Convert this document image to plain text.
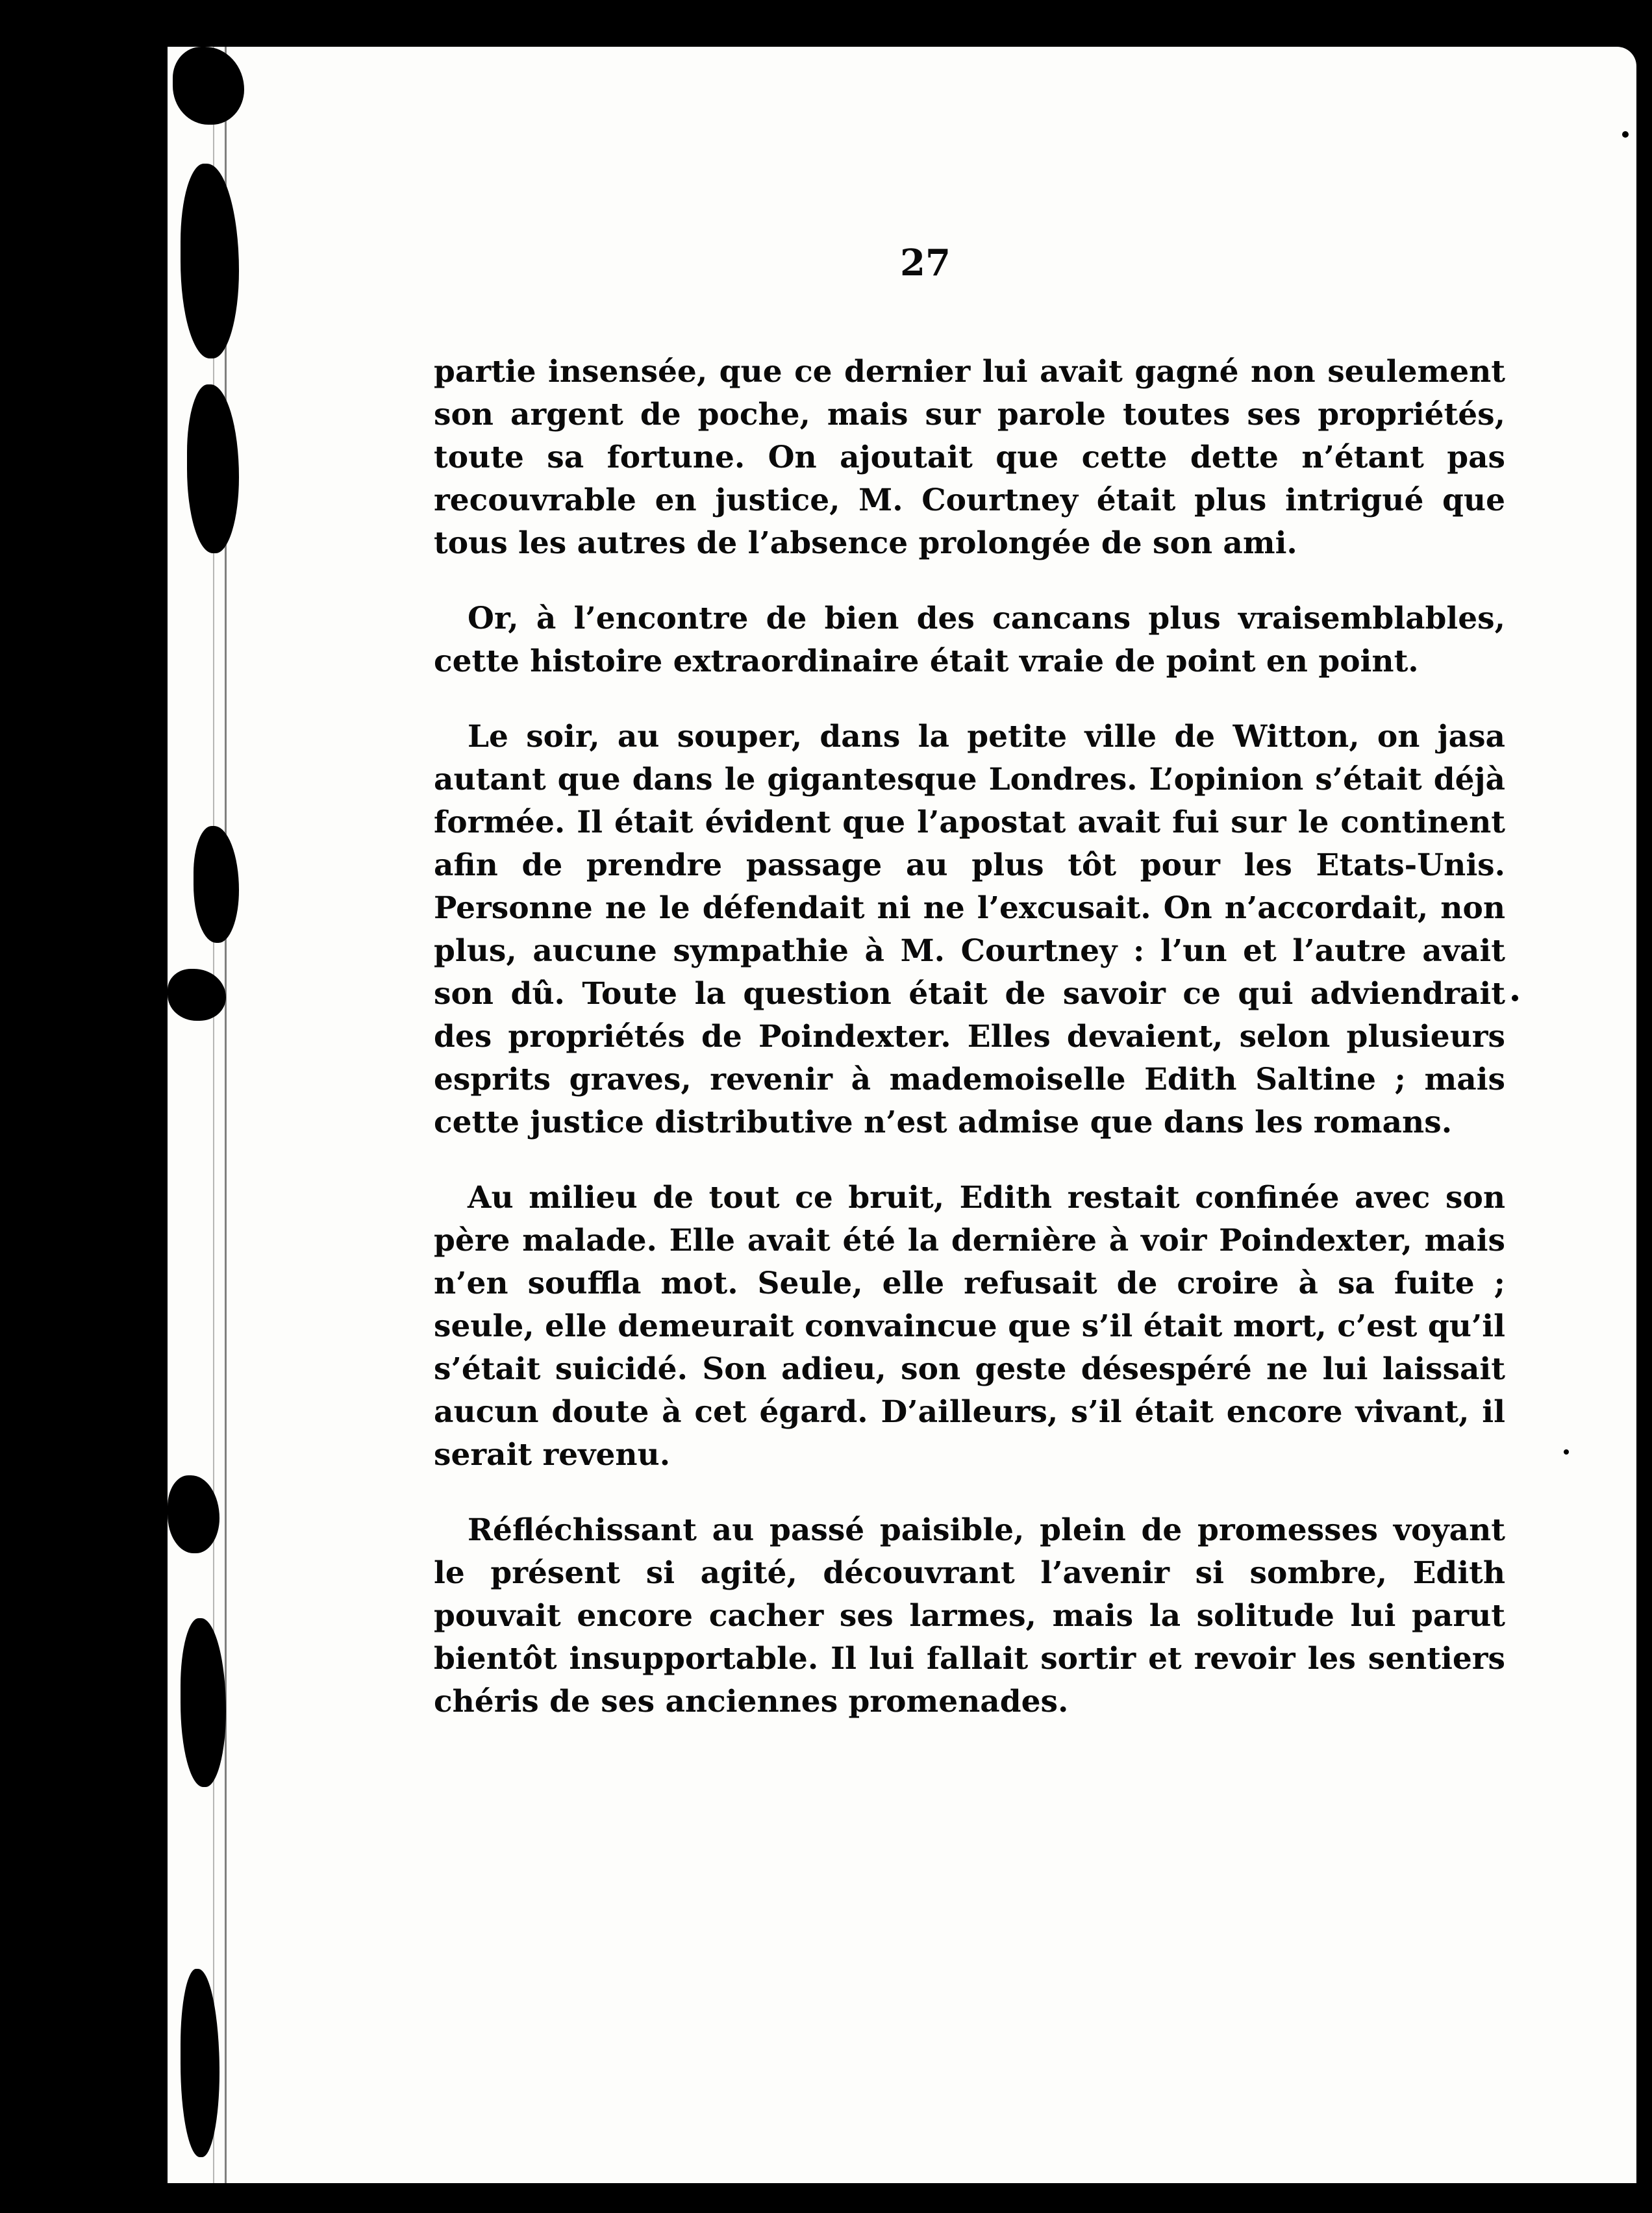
27

partie insensée, que ce dernier lui avait gagné non seulement son argent de poche, mais sur parole toutes ses propriétés, toute sa fortune. On ajoutait que cette dette n’étant pas recouvrable en justice, M. Courtney était plus intrigué que tous les autres de l’absence prolongée de son ami.

Or, à l’encontre de bien des cancans plus vraisemblables, cette histoire extraordinaire était vraie de point en point.

Le soir, au souper, dans la petite ville de Witton, on jasa autant que dans le gigantesque Londres. L’opinion s’était déjà formée. Il était évident que l’apostat avait fui sur le continent afin de prendre passage au plus tôt pour les Etats-Unis. Personne ne le défendait ni ne l’excusait. On n’accordait, non plus, aucune sympathie à M. Courtney : l’un et l’autre avait son dû. Toute la question était de savoir ce qui adviendrait des propriétés de Poindexter. Elles devaient, selon plusieurs esprits graves, revenir à mademoiselle Edith Saltine ; mais cette justice distributive n’est admise que dans les romans.

Au milieu de tout ce bruit, Edith restait confinée avec son père malade. Elle avait été la dernière à voir Poindexter, mais n’en souffla mot. Seule, elle refusait de croire à sa fuite ; seule, elle demeurait convaincue que s’il était mort, c’est qu’il s’était suicidé. Son adieu, son geste désespéré ne lui laissait aucun doute à cet égard. D’ailleurs, s’il était encore vivant, il serait revenu.

Réfléchissant au passé paisible, plein de promesses voyant le présent si agité, découvrant l’avenir si sombre, Edith pouvait encore cacher ses larmes, mais la solitude lui parut bientôt insupportable. Il lui fallait sortir et revoir les sentiers chéris de ses anciennes promenades.
